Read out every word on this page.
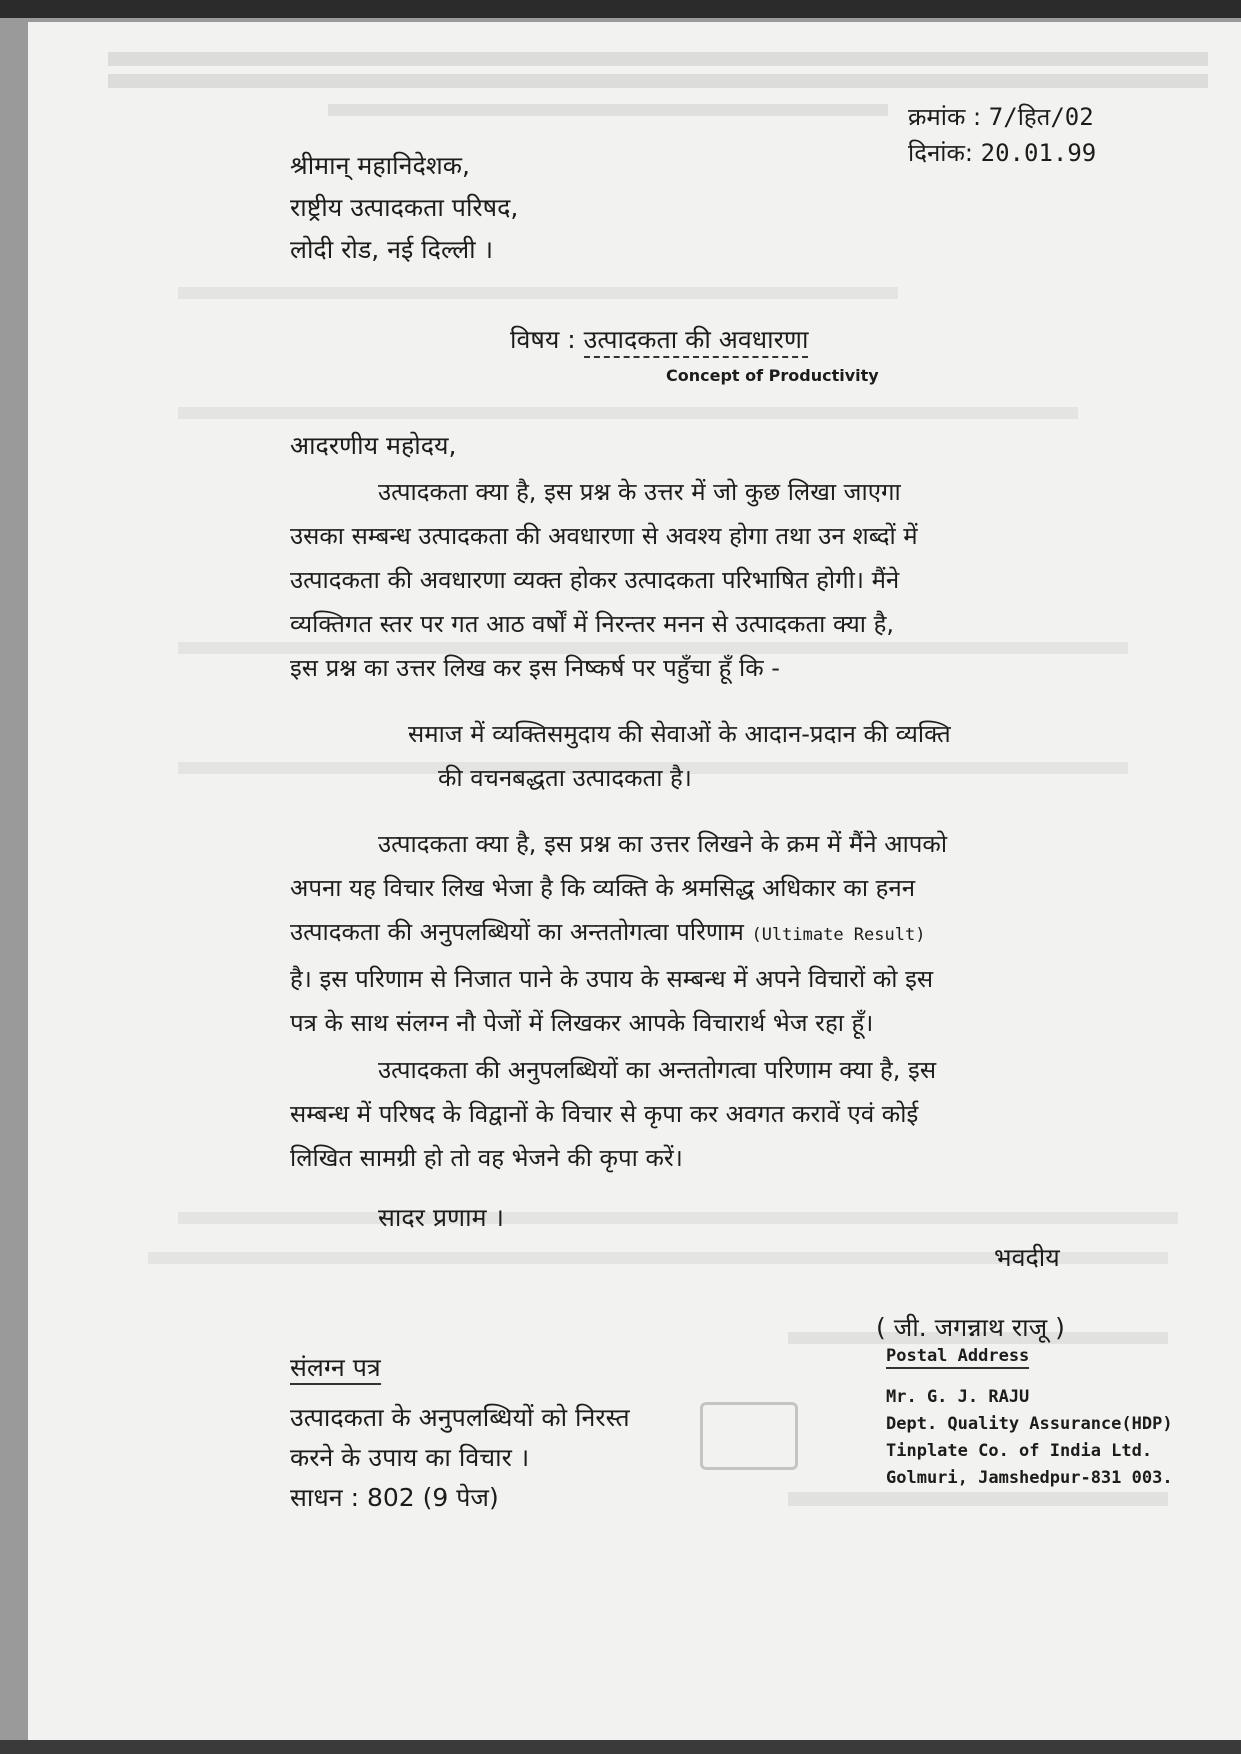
क्रमांक : 7/हित/02
दिनांक: 20.01.99
श्रीमान् महानिदेशक,
राष्ट्रीय उत्पादकता परिषद,
लोदी रोड, नई दिल्ली ।
विषय : उत्पादकता की अवधारणा
Concept of Productivity
आदरणीय महोदय,
उत्पादकता क्या है, इस प्रश्न के उत्तर में जो कुछ लिखा जाएगा
उसका सम्बन्ध उत्पादकता की अवधारणा से अवश्य होगा तथा उन शब्दों में
उत्पादकता की अवधारणा व्यक्त होकर उत्पादकता परिभाषित होगी। मैंने
व्यक्तिगत स्तर पर गत आठ वर्षों में निरन्तर मनन से उत्पादकता क्या है,
इस प्रश्न का उत्तर लिख कर इस निष्कर्ष पर पहुँचा हूँ कि -
समाज में व्यक्तिसमुदाय की सेवाओं के आदान-प्रदान की व्यक्ति
की वचनबद्धता उत्पादकता है।
उत्पादकता क्या है, इस प्रश्न का उत्तर लिखने के क्रम में मैंने आपको
अपना यह विचार लिख भेजा है कि व्यक्ति के श्रमसिद्ध अधिकार का हनन
उत्पादकता की अनुपलब्धियों का अन्ततोगत्वा परिणाम (Ultimate Result)
है। इस परिणाम से निजात पाने के उपाय के सम्बन्ध में अपने विचारों को इस
पत्र के साथ संलग्न नौ पेजों में लिखकर आपके विचारार्थ भेज रहा हूँ।
उत्पादकता की अनुपलब्धियों का अन्ततोगत्वा परिणाम क्या है, इस
सम्बन्ध में परिषद के विद्वानों के विचार से कृपा कर अवगत करावें एवं कोई
लिखित सामग्री हो तो वह भेजने की कृपा करें।
सादर प्रणाम ।
भवदीय
( जी. जगन्नाथ राजू )
संलग्न पत्र
उत्पादकता के अनुपलब्धियों को निरस्त
करने के उपाय का विचार ।
साधन : 802 (9 पेज)
Postal Address
Mr. G. J. RAJU
Dept. Quality Assurance(HDP)
Tinplate Co. of India Ltd.
Golmuri, Jamshedpur-831 003.
